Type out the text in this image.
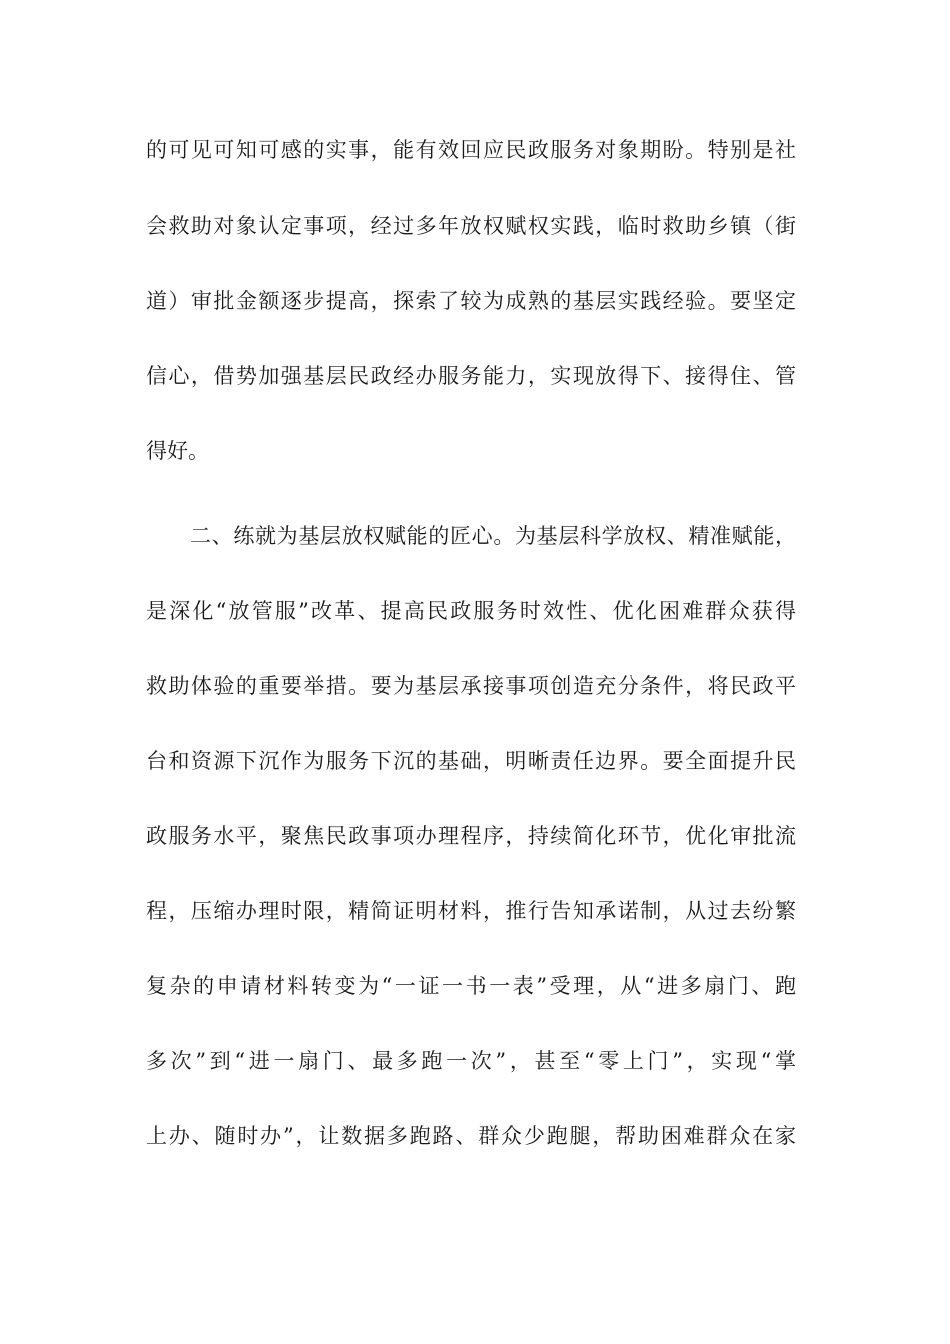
的可见可知可感的实事，能有效回应民政服务对象期盼。特别是社
会救助对象认定事项，经过多年放权赋权实践，临时救助乡镇（街
道）审批金额逐步提高，探索了较为成熟的基层实践经验。要坚定
信心，借势加强基层民政经办服务能力，实现放得下、接得住、管
得好。
二、练就为基层放权赋能的匠心。为基层科学放权、精准赋能，
是深化“放管服”改革、提高民政服务时效性、优化困难群众获得
救助体验的重要举措。要为基层承接事项创造充分条件，将民政平
台和资源下沉作为服务下沉的基础，明晰责任边界。要全面提升民
政服务水平，聚焦民政事项办理程序，持续简化环节，优化审批流
程，压缩办理时限，精简证明材料，推行告知承诺制，从过去纷繁
复杂的申请材料转变为“一证一书一表”受理，从“进多扇门、跑
多次”到“进一扇门、最多跑一次”，甚至“零上门”，实现“掌
上办、随时办”，让数据多跑路、群众少跑腿，帮助困难群众在家
